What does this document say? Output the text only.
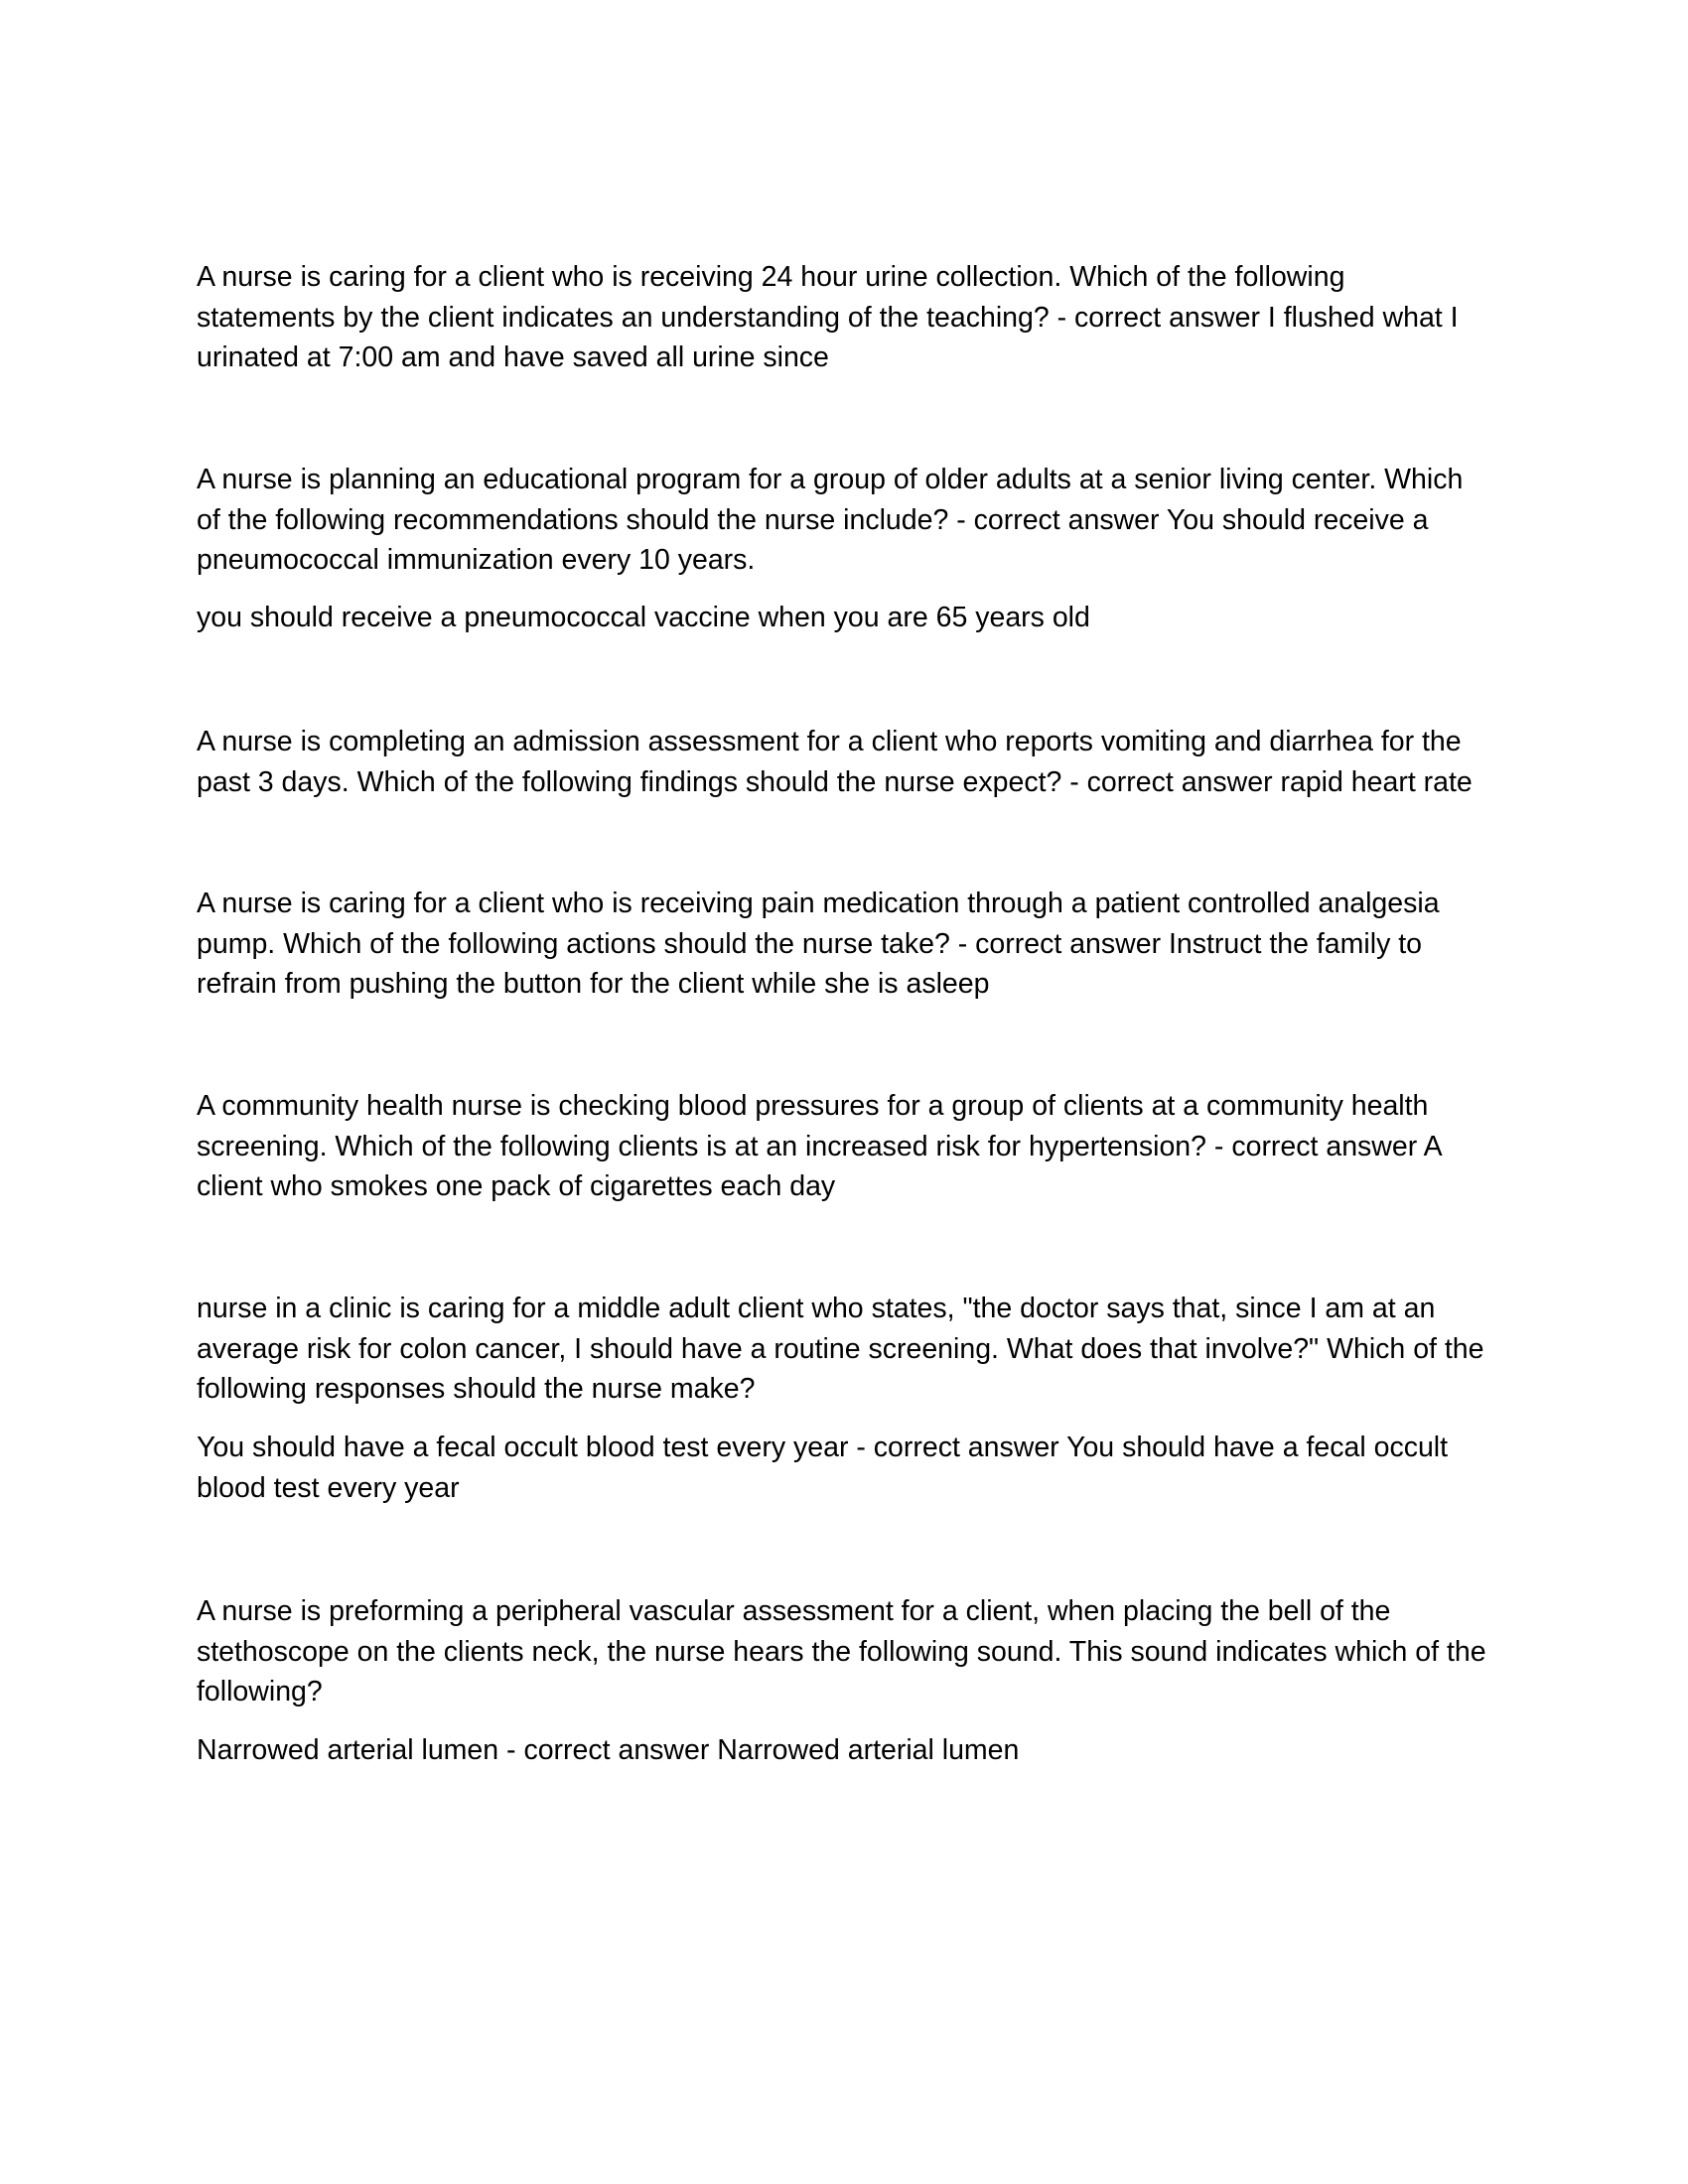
A nurse is caring for a client who is receiving 24 hour urine collection. Which of the following statements by the client indicates an understanding of the teaching? - correct answer I flushed what I urinated at 7:00 am and have saved all urine since

A nurse is planning an educational program for a group of older adults at a senior living center. Which of the following recommendations should the nurse include? - correct answer You should receive a pneumococcal immunization every 10 years.

you should receive a pneumococcal vaccine when you are 65 years old

A nurse is completing an admission assessment for a client who reports vomiting and diarrhea for the past 3 days. Which of the following findings should the nurse expect? - correct answer rapid heart rate

A nurse is caring for a client who is receiving pain medication through a patient controlled analgesia pump. Which of the following actions should the nurse take? - correct answer Instruct the family to refrain from pushing the button for the client while she is asleep

A community health nurse is checking blood pressures for a group of clients at a community health screening. Which of the following clients is at an increased risk for hypertension? - correct answer A client who smokes one pack of cigarettes each day

nurse in a clinic is caring for a middle adult client who states, "the doctor says that, since I am at an average risk for colon cancer, I should have a routine screening. What does that involve?" Which of the following responses should the nurse make?

You should have a fecal occult blood test every year - correct answer You should have a fecal occult blood test every year

A nurse is preforming a peripheral vascular assessment for a client, when placing the bell of the stethoscope on the clients neck, the nurse hears the following sound. This sound indicates which of the following?

Narrowed arterial lumen - correct answer Narrowed arterial lumen
